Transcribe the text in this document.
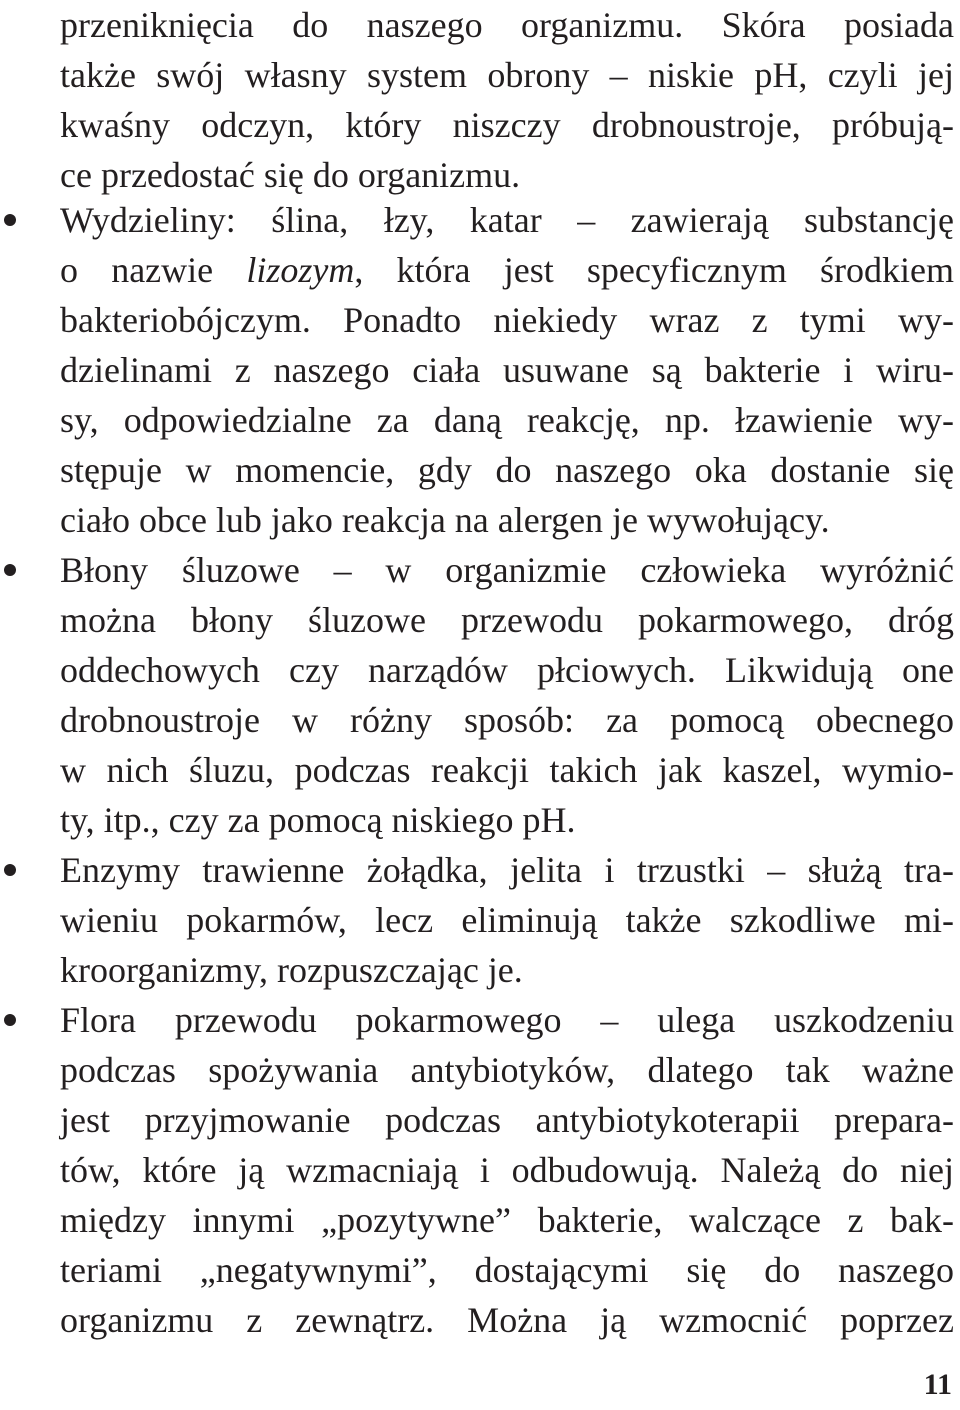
przeniknięcia do naszego organizmu. Skóra posiada
także swój własny system obrony – niskie pH, czyli jej
kwaśny odczyn, który niszczy drobnoustroje, próbują-
ce przedostać się do organizmu.
Wydzieliny: ślina, łzy, katar – zawierają substancję
o nazwie lizozym, która jest specyficznym środkiem
bakteriobójczym. Ponadto niekiedy wraz z tymi wy-
dzielinami z naszego ciała usuwane są bakterie i wiru-
sy, odpowiedzialne za daną reakcję, np. łzawienie wy-
stępuje w momencie, gdy do naszego oka dostanie się
ciało obce lub jako reakcja na alergen je wywołujący.
Błony śluzowe – w organizmie człowieka wyróżnić
można błony śluzowe przewodu pokarmowego, dróg
oddechowych czy narządów płciowych. Likwidują one
drobnoustroje w różny sposób: za pomocą obecnego
w nich śluzu, podczas reakcji takich jak kaszel, wymio-
ty, itp., czy za pomocą niskiego pH.
Enzymy trawienne żołądka, jelita i trzustki – służą tra-
wieniu pokarmów, lecz eliminują także szkodliwe mi-
kroorganizmy, rozpuszczając je.
Flora przewodu pokarmowego – ulega uszkodzeniu
podczas spożywania antybiotyków, dlatego tak ważne
jest przyjmowanie podczas antybiotykoterapii prepara-
tów, które ją wzmacniają i odbudowują. Należą do niej
między innymi „pozytywne” bakterie, walczące z bak-
teriami „negatywnymi”, dostającymi się do naszego
organizmu z zewnątrz. Można ją wzmocnić poprzez
11
